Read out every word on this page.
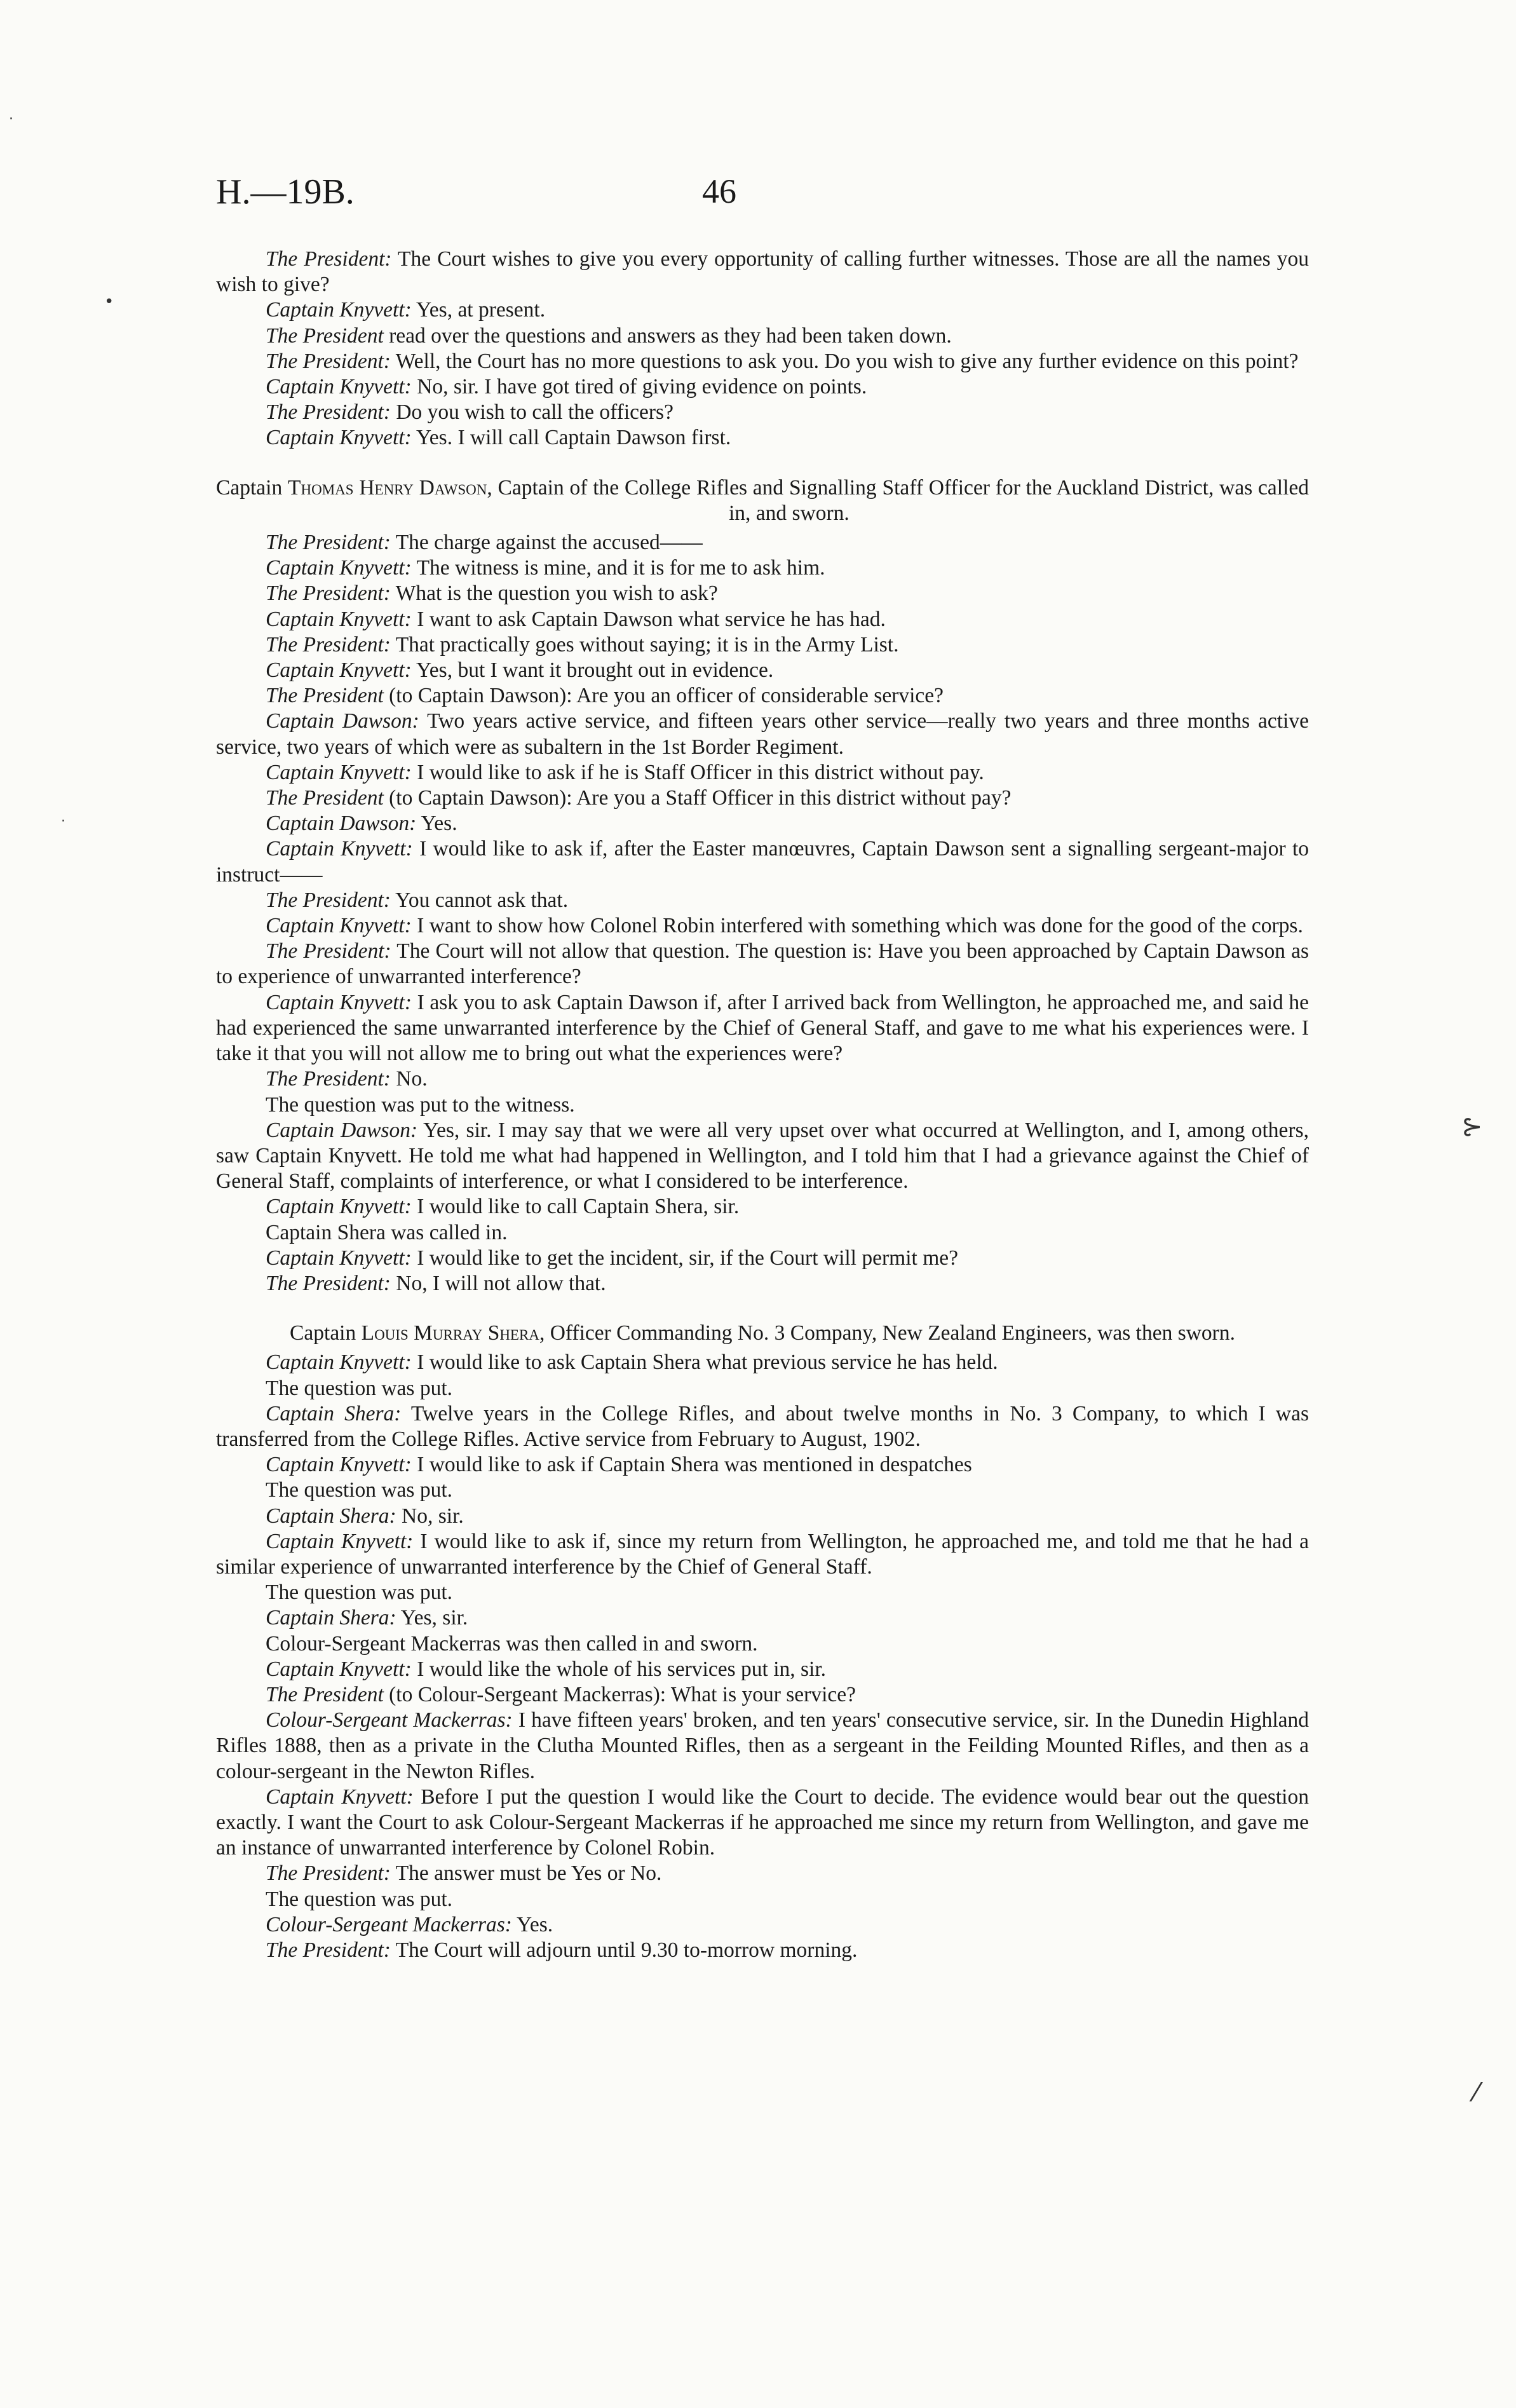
H.—19B.	46
·
•
·
⊱
⁄

The President: The Court wishes to give you every opportunity of calling further witnesses. Those are all the names you wish to give?

Captain Knyvett: Yes, at present.

The President read over the questions and answers as they had been taken down.

The President: Well, the Court has no more questions to ask you. Do you wish to give any further evidence on this point?

Captain Knyvett: No, sir. I have got tired of giving evidence on points.

The President: Do you wish to call the officers?

Captain Knyvett: Yes. I will call Captain Dawson first.

Captain Thomas Henry Dawson, Captain of the College Rifles and Signalling Staff Officer for the Auckland District, was called in, and sworn.

The President: The charge against the accused——

Captain Knyvett: The witness is mine, and it is for me to ask him.

The President: What is the question you wish to ask?

Captain Knyvett: I want to ask Captain Dawson what service he has had.

The President: That practically goes without saying; it is in the Army List.

Captain Knyvett: Yes, but I want it brought out in evidence.

The President (to Captain Dawson): Are you an officer of considerable service?

Captain Dawson: Two years active service, and fifteen years other service—really two years and three months active service, two years of which were as subaltern in the 1st Border Regiment.

Captain Knyvett: I would like to ask if he is Staff Officer in this district without pay.

The President (to Captain Dawson): Are you a Staff Officer in this district without pay?

Captain Dawson: Yes.

Captain Knyvett: I would like to ask if, after the Easter manœuvres, Captain Dawson sent a signalling sergeant-major to instruct——

The President: You cannot ask that.

Captain Knyvett: I want to show how Colonel Robin interfered with something which was done for the good of the corps.

The President: The Court will not allow that question. The question is: Have you been approached by Captain Dawson as to experience of unwarranted interference?

Captain Knyvett: I ask you to ask Captain Dawson if, after I arrived back from Wellington, he approached me, and said he had experienced the same unwarranted interference by the Chief of General Staff, and gave to me what his experiences were. I take it that you will not allow me to bring out what the experiences were?

The President: No.

The question was put to the witness.

Captain Dawson: Yes, sir. I may say that we were all very upset over what occurred at Wellington, and I, among others, saw Captain Knyvett. He told me what had happened in Wellington, and I told him that I had a grievance against the Chief of General Staff, complaints of interference, or what I considered to be interference.

Captain Knyvett: I would like to call Captain Shera, sir.

Captain Shera was called in.

Captain Knyvett: I would like to get the incident, sir, if the Court will permit me?

The President: No, I will not allow that.

Captain Louis Murray Shera, Officer Commanding No. 3 Company, New Zealand Engineers, was then sworn.

Captain Knyvett: I would like to ask Captain Shera what previous service he has held.

The question was put.

Captain Shera: Twelve years in the College Rifles, and about twelve months in No. 3 Company, to which I was transferred from the College Rifles. Active service from February to August, 1902.

Captain Knyvett: I would like to ask if Captain Shera was mentioned in despatches

The question was put.

Captain Shera: No, sir.

Captain Knyvett: I would like to ask if, since my return from Wellington, he approached me, and told me that he had a similar experience of unwarranted interference by the Chief of General Staff.

The question was put.

Captain Shera: Yes, sir.

Colour-Sergeant Mackerras was then called in and sworn.

Captain Knyvett: I would like the whole of his services put in, sir.

The President (to Colour-Sergeant Mackerras): What is your service?

Colour-Sergeant Mackerras: I have fifteen years' broken, and ten years' consecutive service, sir. In the Dunedin Highland Rifles 1888, then as a private in the Clutha Mounted Rifles, then as a sergeant in the Feilding Mounted Rifles, and then as a colour-sergeant in the Newton Rifles.

Captain Knyvett: Before I put the question I would like the Court to decide. The evidence would bear out the question exactly. I want the Court to ask Colour-Sergeant Mackerras if he approached me since my return from Wellington, and gave me an instance of unwarranted interference by Colonel Robin.

The President: The answer must be Yes or No.

The question was put.

Colour-Sergeant Mackerras: Yes.

The President: The Court will adjourn until 9.30 to-morrow morning.
